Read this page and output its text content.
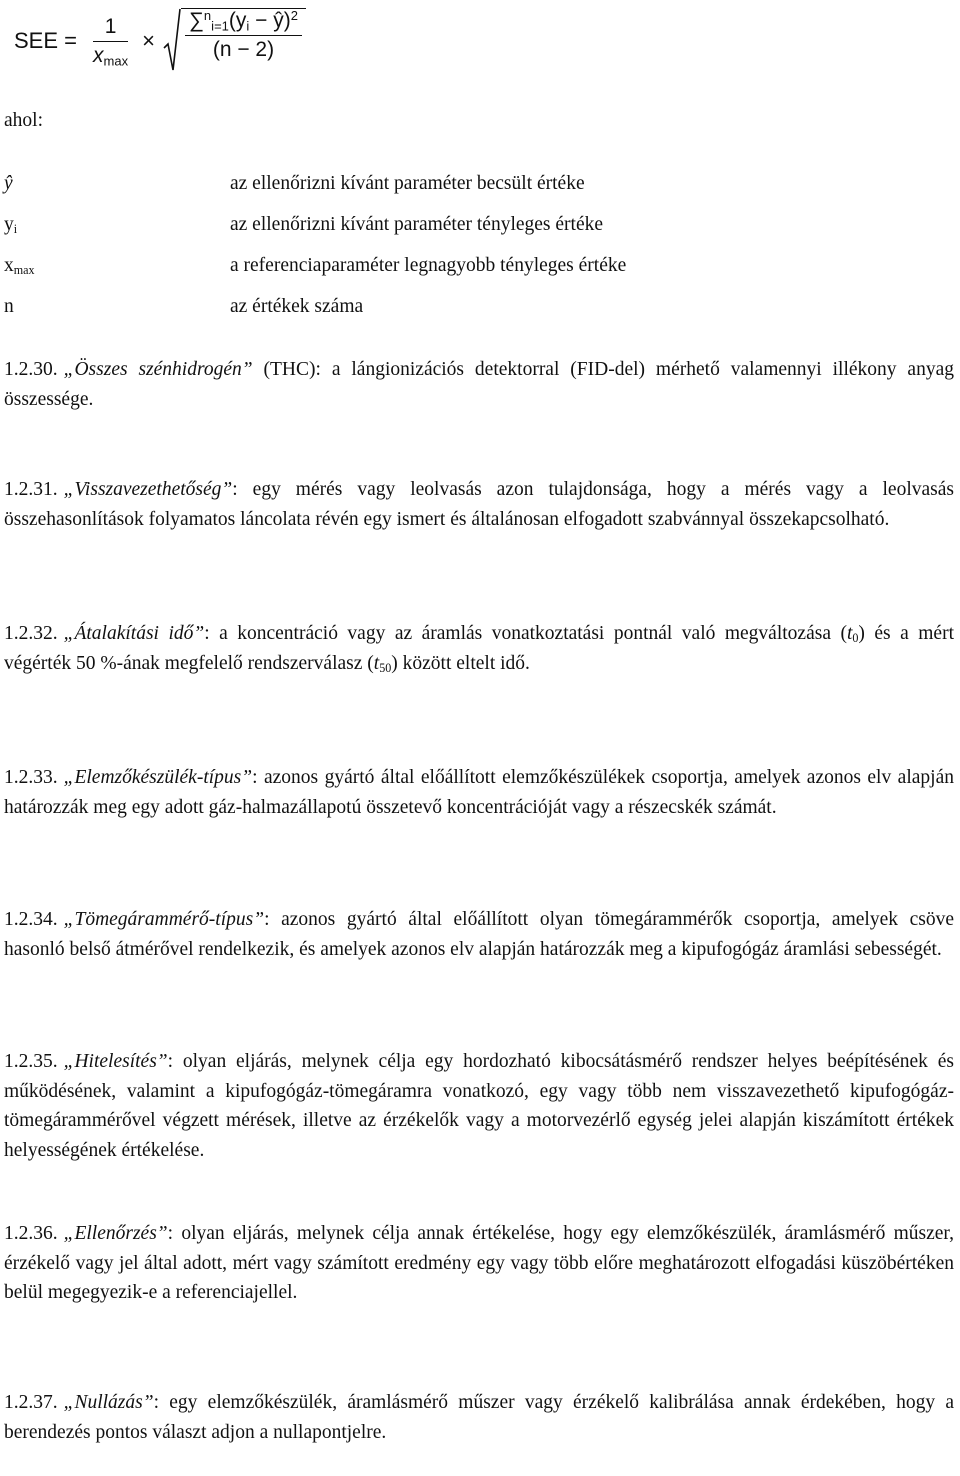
SEE = $\frac{1}{x_{max}} \times \frac{\sum^n_{i=1}(y_i - ŷ)^2}{(n - 2)}$
ahol:
ŷ	az ellenőrizni kívánt paraméter becsült értéke
$y_i$	az ellenőrizni kívánt paraméter tényleges értéke
$x_{max}$	a referenciaparaméter legnagyobb tényleges értéke
n	az értékek száma

1.2.30. „Összes szénhidrogén” (THC): a lángionizációs detektorral (FID-del) mérhető valamennyi illékony anyag összessége.

1.2.31. „Visszavezethetőség”: egy mérés vagy leolvasás azon tulajdonsága, hogy a mérés vagy a leolvasás összehasonlítások folyamatos láncolata révén egy ismert és általánosan elfogadott szabvánnyal összekapcsolható.

1.2.32. „Átalakítási idő”: a koncentráció vagy az áramlás vonatkoztatási pontnál való megváltozása $(t_0)$ és a mért végérték 50 %-ának megfelelő rendszerválasz $(t_{50})$ között eltelt idő.

1.2.33. „Elemzőkészülék-típus”: azonos gyártó által előállított elemzőkészülékek csoportja, amelyek azonos elv alapján határozzák meg egy adott gáz-halmazállapotú összetevő koncentrációját vagy a részecskék számát.

1.2.34. „Tömegárammérő-típus”: azonos gyártó által előállított olyan tömegárammérők csoportja, amelyek csöve hasonló belső átmérővel rendelkezik, és amelyek azonos elv alapján határozzák meg a kipufogógáz áramlási sebességét.

1.2.35. „Hitelesítés”: olyan eljárás, melynek célja egy hordozható kibocsátásmérő rendszer helyes beépítésének és működésének, valamint a kipufogógáz-tömegáramra vonatkozó, egy vagy több nem visszavezethető kipufogógáz-tömegárammérővel végzett mérések, illetve az érzékelők vagy a motorvezérlő egység jelei alapján kiszámított értékek helyességének értékelése.

1.2.36. „Ellenőrzés”: olyan eljárás, melynek célja annak értékelése, hogy egy elemzőkészülék, áramlásmérő műszer, érzékelő vagy jel által adott, mért vagy számított eredmény egy vagy több előre meghatározott elfogadási küszöbértéken belül megegyezik-e a referenciajellel.

1.2.37. „Nullázás”: egy elemzőkészülék, áramlásmérő műszer vagy érzékelő kalibrálása annak érdekében, hogy a berendezés pontos választ adjon a nullapontjelre.
